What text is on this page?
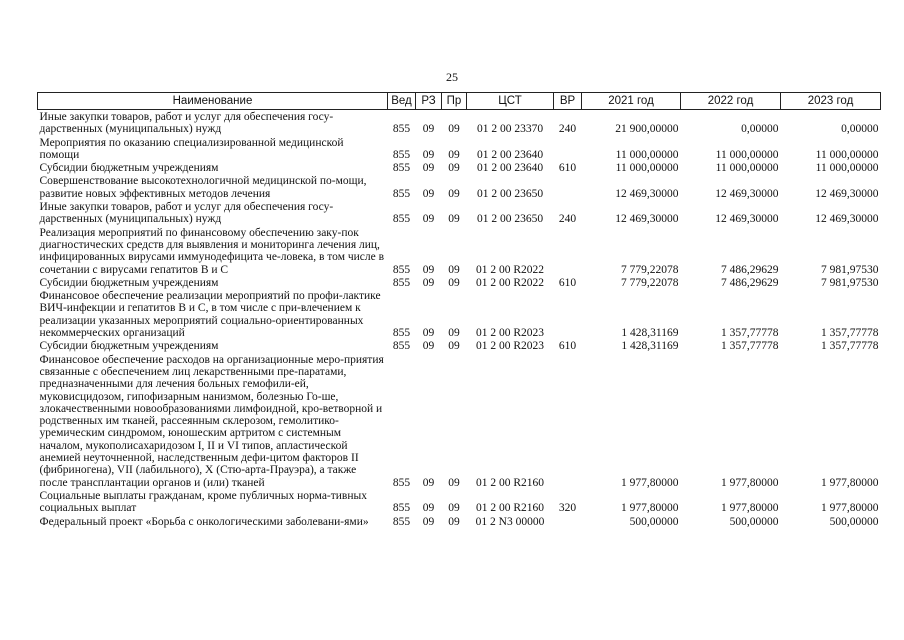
25
Наименование	Вед	РЗ	Пр	ЦСТ	ВР	2021 год	2022 год	2023 год
Иные закупки товаров, работ и услуг для обеспечения госу-дарственных (муниципальных) нужд	855	09	09	01 2 00 23370	240	21 900,00000	0,00000	0,00000
Мероприятия по оказанию специализированной медицинской помощи	855	09	09	01 2 00 23640		11 000,00000	11 000,00000	11 000,00000
Субсидии бюджетным учреждениям	855	09	09	01 2 00 23640	610	11 000,00000	11 000,00000	11 000,00000
Совершенствование высокотехнологичной медицинской по-мощи, развитие новых эффективных методов лечения	855	09	09	01 2 00 23650		12 469,30000	12 469,30000	12 469,30000
Иные закупки товаров, работ и услуг для обеспечения госу-дарственных (муниципальных) нужд	855	09	09	01 2 00 23650	240	12 469,30000	12 469,30000	12 469,30000
Реализация мероприятий по финансовому обеспечению заку-пок диагностических средств для выявления и мониторинга лечения лиц, инфицированных вирусами иммунодефицита че-ловека, в том числе в сочетании с вирусами гепатитов В и С	855	09	09	01 2 00 R2022		7 779,22078	7 486,29629	7 981,97530
Субсидии бюджетным учреждениям	855	09	09	01 2 00 R2022	610	7 779,22078	7 486,29629	7 981,97530
Финансовое обеспечение реализации мероприятий по профи-лактике ВИЧ-инфекции и гепатитов В и С, в том числе с при-влечением к реализации указанных мероприятий социально-ориентированных некоммерческих организаций	855	09	09	01 2 00 R2023		1 428,31169	1 357,77778	1 357,77778
Субсидии бюджетным учреждениям	855	09	09	01 2 00 R2023	610	1 428,31169	1 357,77778	1 357,77778
Финансовое обеспечение расходов на организационные меро-приятия связанные с обеспечением лиц лекарственными пре-паратами, предназначенными для лечения больных гемофили-ей, муковисцидозом, гипофизарным нанизмом, болезнью Го-ше, злокачественными новообразованиями лимфоидной, кро-ветворной и родственных им тканей, рассеянным склерозом, гемолитико-уремическим синдромом, юношеским артритом с системным началом, мукополисахаридозом I, II и VI типов, апластической анемией неуточненной, наследственным дефи-цитом факторов II (фибриногена), VII (лабильного), X (Стю-арта-Прауэра), а также после трансплантации органов и (или) тканей	855	09	09	01 2 00 R2160		1 977,80000	1 977,80000	1 977,80000
Социальные выплаты гражданам, кроме публичных норма-тивных социальных выплат	855	09	09	01 2 00 R2160	320	1 977,80000	1 977,80000	1 977,80000
Федеральный проект «Борьба с онкологическими заболевани-ями»	855	09	09	01 2 N3 00000		500,00000	500,00000	500,00000
